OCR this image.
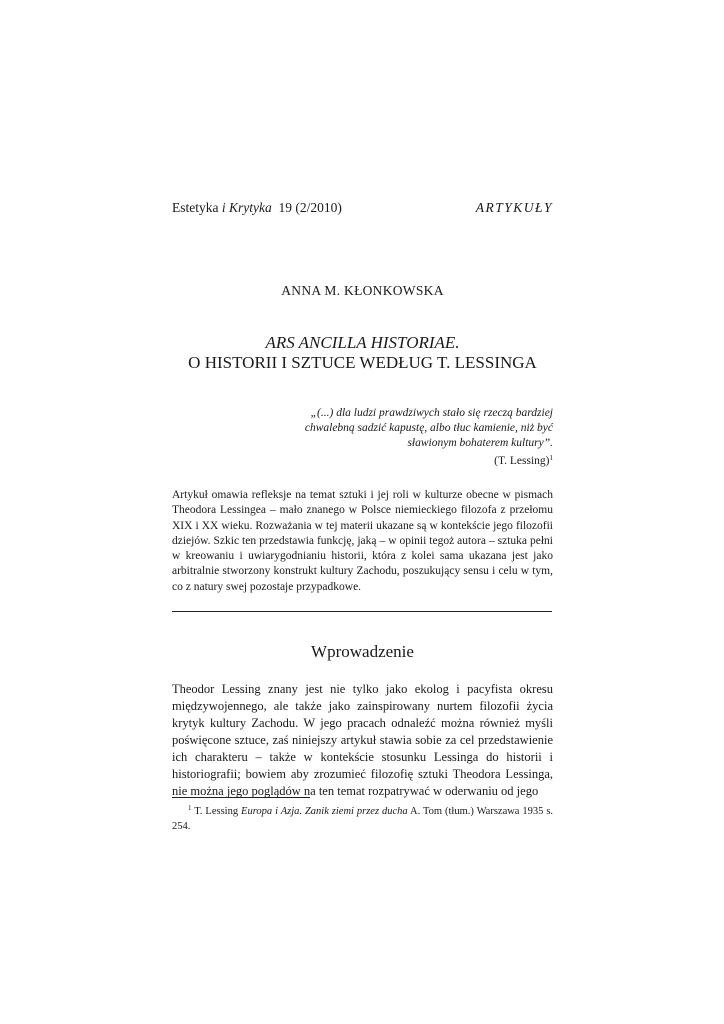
Estetyka i Krytyka 19 (2/2010)	ARTYKUŁY
ANNA M. KŁONKOWSKA
ARS ANCILLA HISTORIAE.
O HISTORII I SZTUCE WEDŁUG T. LESSINGA
„(...) dla ludzi prawdziwych stało się rzeczą bardziej chwalebną sadzić kapustę, albo tłuc kamienie, niż być sławionym bohaterem kultury”.
(T. Lessing)$^1$
Artykuł omawia refleksje na temat sztuki i jej roli w kulturze obecne w pismach Theodora Lessingea – mało znanego w Polsce niemieckiego filozofa z przełomu XIX i XX wieku. Rozważania w tej materii ukazane są w kontekście jego filozofii dziejów. Szkic ten przedstawia funkcję, jaką – w opinii tegoż autora – sztuka pełni w kreowaniu i uwiarygodnianiu historii, która z kolei sama ukazana jest jako arbitralnie stworzony konstrukt kultury Zachodu, poszukujący sensu i celu w tym, co z natury swej pozostaje przypadkowe.
Wprowadzenie
Theodor Lessing znany jest nie tylko jako ekolog i pacyfista okresu międzywojennego, ale także jako zainspirowany nurtem filozofii życia krytyk kultury Zachodu. W jego pracach odnaleźć można również myśli poświęcone sztuce, zaś niniejszy artykuł stawia sobie za cel przedstawienie ich charakteru – także w kontekście stosunku Lessinga do historii i historiografii; bowiem aby zrozumieć filozofię sztuki Theodora Lessinga, nie można jego poglądów na ten temat rozpatrywać w oderwaniu od jego
$^1$ T. Lessing Europa i Azja. Zanik ziemi przez ducha A. Tom (tłum.) Warszawa 1935 s. 254.
